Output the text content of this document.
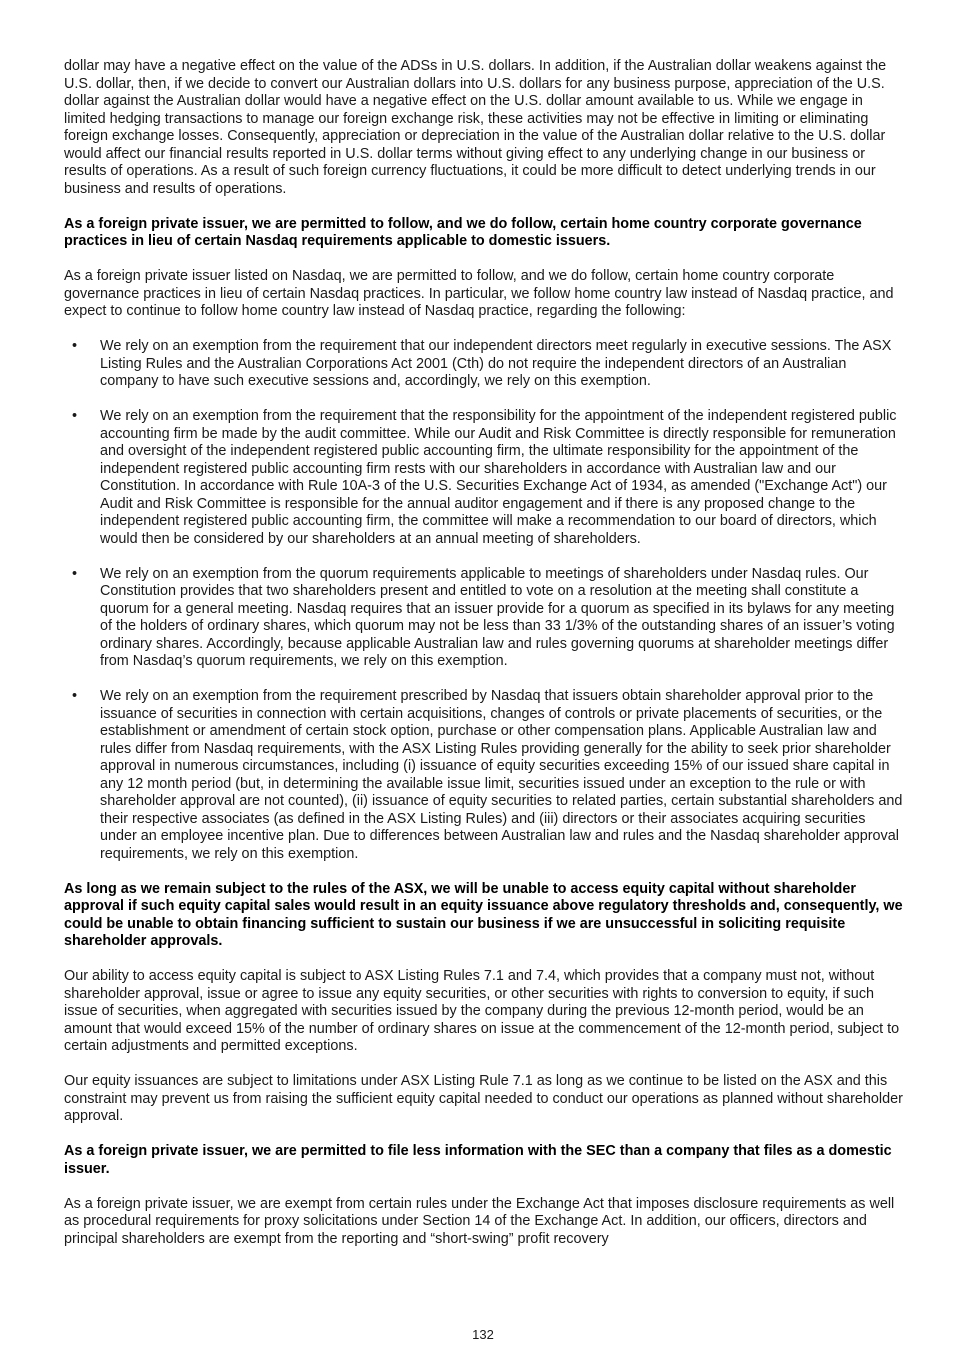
dollar may have a negative effect on the value of the ADSs in U.S. dollars. In addition, if the Australian dollar weakens against the U.S. dollar, then, if we decide to convert our Australian dollars into U.S. dollars for any business purpose, appreciation of the U.S. dollar against the Australian dollar would have a negative effect on the U.S. dollar amount available to us. While we engage in limited hedging transactions to manage our foreign exchange risk, these activities may not be effective in limiting or eliminating foreign exchange losses. Consequently, appreciation or depreciation in the value of the Australian dollar relative to the U.S. dollar would affect our financial results reported in U.S. dollar terms without giving effect to any underlying change in our business or results of operations. As a result of such foreign currency fluctuations, it could be more difficult to detect underlying trends in our business and results of operations.

As a foreign private issuer, we are permitted to follow, and we do follow, certain home country corporate governance practices in lieu of certain Nasdaq requirements applicable to domestic issuers.

As a foreign private issuer listed on Nasdaq, we are permitted to follow, and we do follow, certain home country corporate governance practices in lieu of certain Nasdaq practices. In particular, we follow home country law instead of Nasdaq practice, and expect to continue to follow home country law instead of Nasdaq practice, regarding the following:

• We rely on an exemption from the requirement that our independent directors meet regularly in executive sessions. The ASX Listing Rules and the Australian Corporations Act 2001 (Cth) do not require the independent directors of an Australian company to have such executive sessions and, accordingly, we rely on this exemption.
• We rely on an exemption from the requirement that the responsibility for the appointment of the independent registered public accounting firm be made by the audit committee. While our Audit and Risk Committee is directly responsible for remuneration and oversight of the independent registered public accounting firm, the ultimate responsibility for the appointment of the independent registered public accounting firm rests with our shareholders in accordance with Australian law and our Constitution. In accordance with Rule 10A-3 of the U.S. Securities Exchange Act of 1934, as amended ("Exchange Act") our Audit and Risk Committee is responsible for the annual auditor engagement and if there is any proposed change to the independent registered public accounting firm, the committee will make a recommendation to our board of directors, which would then be considered by our shareholders at an annual meeting of shareholders.
• We rely on an exemption from the quorum requirements applicable to meetings of shareholders under Nasdaq rules. Our Constitution provides that two shareholders present and entitled to vote on a resolution at the meeting shall constitute a quorum for a general meeting. Nasdaq requires that an issuer provide for a quorum as specified in its bylaws for any meeting of the holders of ordinary shares, which quorum may not be less than 33 1/3% of the outstanding shares of an issuer’s voting ordinary shares. Accordingly, because applicable Australian law and rules governing quorums at shareholder meetings differ from Nasdaq’s quorum requirements, we rely on this exemption.
• We rely on an exemption from the requirement prescribed by Nasdaq that issuers obtain shareholder approval prior to the issuance of securities in connection with certain acquisitions, changes of controls or private placements of securities, or the establishment or amendment of certain stock option, purchase or other compensation plans. Applicable Australian law and rules differ from Nasdaq requirements, with the ASX Listing Rules providing generally for the ability to seek prior shareholder approval in numerous circumstances, including (i) issuance of equity securities exceeding 15% of our issued share capital in any 12 month period (but, in determining the available issue limit, securities issued under an exception to the rule or with shareholder approval are not counted), (ii) issuance of equity securities to related parties, certain substantial shareholders and their respective associates (as defined in the ASX Listing Rules) and (iii) directors or their associates acquiring securities under an employee incentive plan. Due to differences between Australian law and rules and the Nasdaq shareholder approval requirements, we rely on this exemption.

As long as we remain subject to the rules of the ASX, we will be unable to access equity capital without shareholder approval if such equity capital sales would result in an equity issuance above regulatory thresholds and, consequently, we could be unable to obtain financing sufficient to sustain our business if we are unsuccessful in soliciting requisite shareholder approvals.

Our ability to access equity capital is subject to ASX Listing Rules 7.1 and 7.4, which provides that a company must not, without shareholder approval, issue or agree to issue any equity securities, or other securities with rights to conversion to equity, if such issue of securities, when aggregated with securities issued by the company during the previous 12-month period, would be an amount that would exceed 15% of the number of ordinary shares on issue at the commencement of the 12-month period, subject to certain adjustments and permitted exceptions.

Our equity issuances are subject to limitations under ASX Listing Rule 7.1 as long as we continue to be listed on the ASX and this constraint may prevent us from raising the sufficient equity capital needed to conduct our operations as planned without shareholder approval.

As a foreign private issuer, we are permitted to file less information with the SEC than a company that files as a domestic issuer.

As a foreign private issuer, we are exempt from certain rules under the Exchange Act that imposes disclosure requirements as well as procedural requirements for proxy solicitations under Section 14 of the Exchange Act. In addition, our officers, directors and principal shareholders are exempt from the reporting and “short-swing” profit recovery

132
